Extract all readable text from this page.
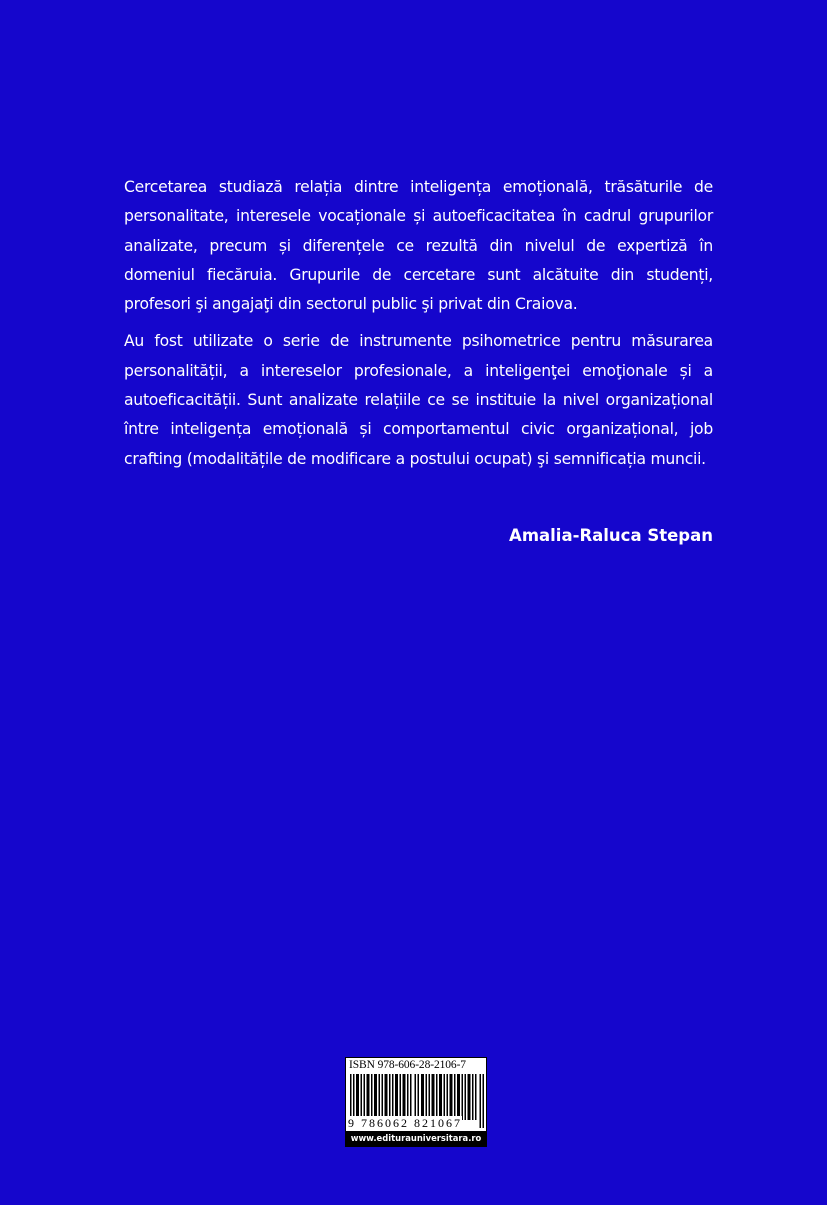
Cercetarea studiază relația dintre inteligența emoțională, trăsăturile de personalitate, interesele vocaționale și autoeficacitatea în cadrul grupurilor analizate, precum și diferențele ce rezultă din nivelul de expertiză în domeniul fiecăruia. Grupurile de cercetare sunt alcătuite din studenți, profesori şi angajaţi din sectorul public şi privat din Craiova.

Au fost utilizate o serie de instrumente psihometrice pentru măsurarea personalității, a intereselor profesionale, a inteligenţei emoţionale și a autoeficacității. Sunt analizate relațiile ce se instituie la nivel organizațional între inteligența emoțională și comportamentul civic organizațional, job crafting (modalitățile de modificare a postului ocupat) şi semnificația muncii.

Amalia-Raluca Stepan
ISBN 978-606-28-2106-7
9 786062 821067
www.editurauniversitara.ro
